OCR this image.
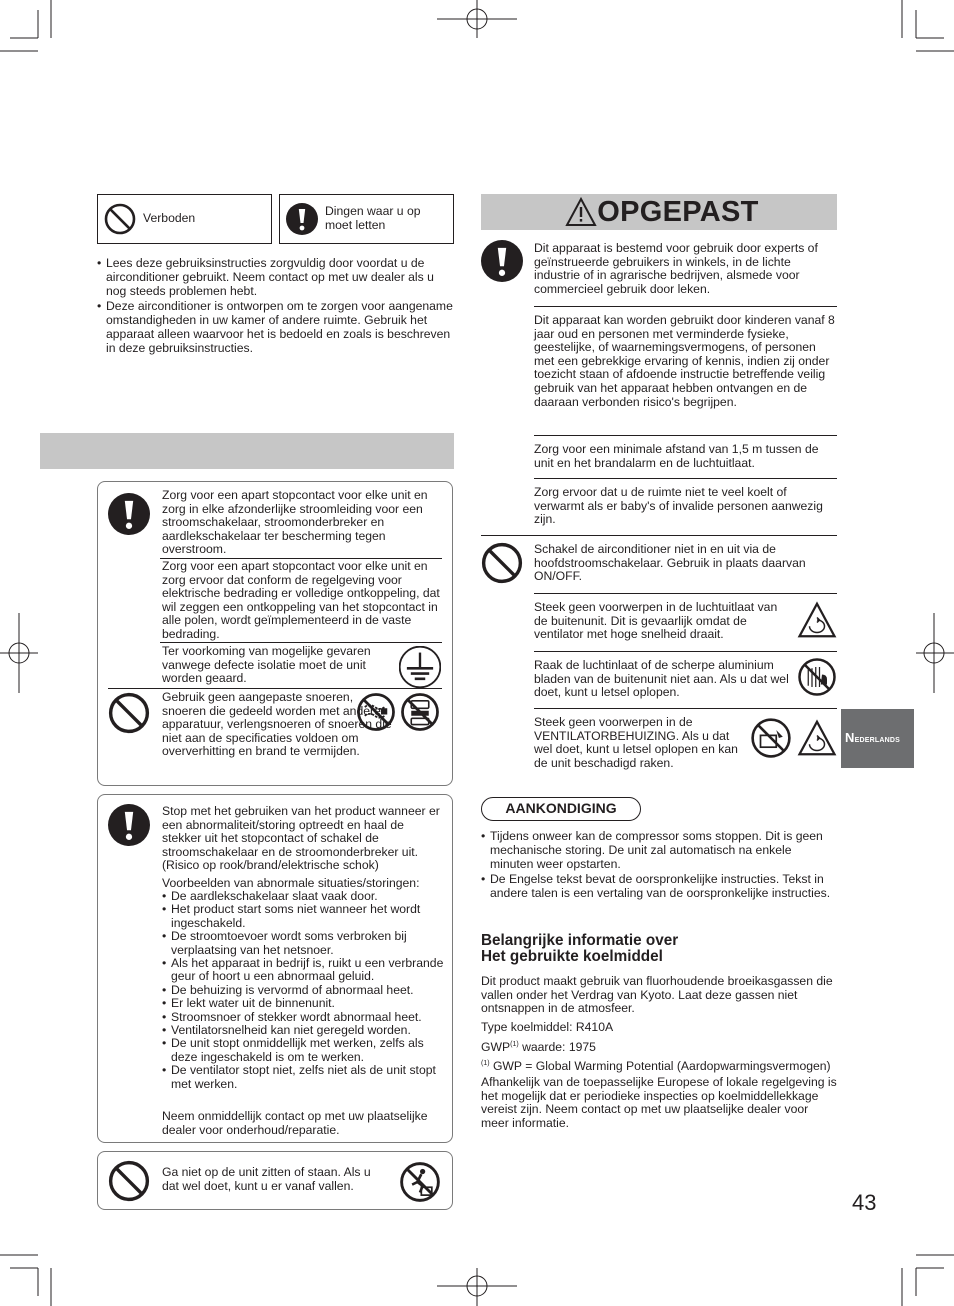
Verboden	Dingen waar u op moet letten
• Lees deze gebruiksinstructies zorgvuldig door voordat u de airconditioner gebruikt. Neem contact op met uw dealer als u nog steeds problemen hebt.
• Deze airconditioner is ontworpen om te zorgen voor aangename omstandigheden in uw kamer of andere ruimte. Gebruik het apparaat alleen waarvoor het is bedoeld en zoals is beschreven in deze gebruiksinstructies.
Zorg voor een apart stopcontact voor elke unit en zorg in elke afzonderlijke stroomleiding voor een stroomschakelaar, stroomonderbreker en aardlekschakelaar ter bescherming tegen overstroom.
Zorg voor een apart stopcontact voor elke unit en zorg ervoor dat conform de regelgeving voor elektrische bedrading er volledige ontkoppeling, dat wil zeggen een ontkoppeling van het stopcontact in alle polen, wordt geïmplementeerd in de vaste bedrading.
Ter voorkoming van mogelijke gevaren vanwege defecte isolatie moet de unit worden geaard.
Gebruik geen aangepaste snoeren, snoeren die gedeeld worden met andere apparatuur, verlengsnoeren of snoeren die niet aan de specificaties voldoen om oververhitting en brand te vermijden.
Stop met het gebruiken van het product wanneer er een abnormaliteit/storing optreedt en haal de stekker uit het stopcontact of schakel de stroomschakelaar en de stroomonderbreker uit. (Risico op rook/brand/elektrische schok)
Voorbeelden van abnormale situaties/storingen:
• De aardlekschakelaar slaat vaak door.
• Het product start soms niet wanneer het wordt ingeschakeld.
• De stroomtoevoer wordt soms verbroken bij verplaatsing van het netsnoer.
• Als het apparaat in bedrijf is, ruikt u een verbrande geur of hoort u een abnormaal geluid.
• De behuizing is vervormd of abnormaal heet.
• Er lekt water uit de binnenunit.
• Stroomsnoer of stekker wordt abnormaal heet.
• Ventilatorsnelheid kan niet geregeld worden.
• De unit stopt onmiddellijk met werken, zelfs als deze ingeschakeld is om te werken.
• De ventilator stopt niet, zelfs niet als de unit stopt met werken.
Neem onmiddellijk contact op met uw plaatselijke dealer voor onderhoud/reparatie.
Ga niet op de unit zitten of staan. Als u dat wel doet, kunt u er vanaf vallen.
OPGEPAST
Dit apparaat is bestemd voor gebruik door experts of geïnstrueerde gebruikers in winkels, in de lichte industrie of in agrarische bedrijven, alsmede voor commercieel gebruik door leken.
Dit apparaat kan worden gebruikt door kinderen vanaf 8 jaar oud en personen met verminderde fysieke, geestelijke, of waarnemingsvermogens, of personen met een gebrekkige ervaring of kennis, indien zij onder toezicht staan of afdoende instructie betreffende veilig gebruik van het apparaat hebben ontvangen en de daaraan verbonden risico's begrijpen.
Zorg voor een minimale afstand van 1,5 m tussen de unit en het brandalarm en de luchtuitlaat.
Zorg ervoor dat u de ruimte niet te veel koelt of verwarmt als er baby's of invalide personen aanwezig zijn.
Schakel de airconditioner niet in en uit via de hoofdstroomschakelaar. Gebruik in plaats daarvan ON/OFF.
Steek geen voorwerpen in de luchtuitlaat van de buitenunit. Dit is gevaarlijk omdat de ventilator met hoge snelheid draait.
Raak de luchtinlaat of de scherpe aluminium bladen van de buitenunit niet aan. Als u dat wel doet, kunt u letsel oplopen.
Steek geen voorwerpen in de VENTILATORBEHUIZING. Als u dat wel doet, kunt u letsel oplopen en kan de unit beschadigd raken.
NEDERLANDS
AANKONDIGING
• Tijdens onweer kan de compressor soms stoppen. Dit is geen mechanische storing. De unit zal automatisch na enkele minuten weer opstarten.
• De Engelse tekst bevat de oorspronkelijke instructies. Tekst in andere talen is een vertaling van de oorspronkelijke instructies.
Belangrijke informatie over
Het gebruikte koelmiddel
Dit product maakt gebruik van fluorhoudende broeikasgassen die vallen onder het Verdrag van Kyoto. Laat deze gassen niet ontsnappen in de atmosfeer.
Type koelmiddel: R410A
GWP$^{(1)}$ waarde: 1975
$^{(1)}$ GWP = Global Warming Potential (Aardopwarmingsvermogen)
Afhankelijk van de toepasselijke Europese of lokale regelgeving is het mogelijk dat er periodieke inspecties op koelmiddellekkage vereist zijn. Neem contact op met uw plaatselijke dealer voor meer informatie.
43
